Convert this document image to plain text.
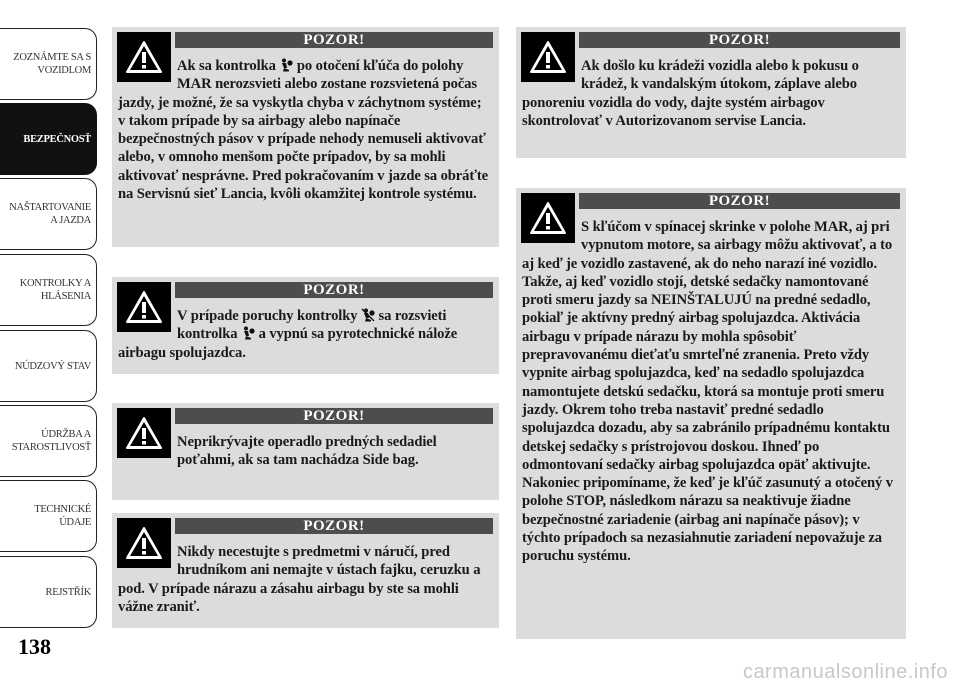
ZOZNÁMTE SA S
VOZIDLOM
BEZPEČNOSŤ
NAŠTARTOVANIE
A JAZDA
KONTROLKY A
HLÁSENIA
NÚDZOVÝ STAV
ÚDRŽBA A
STAROSTLIVOSŤ
TECHNICKÉ
ÚDAJE
REJSTŘÍK
138
POZOR!

Ak sa kontrolka  po otočení kľúča do polohy MAR nerozsvieti alebo zostane rozsvietená počas jazdy, je možné, že sa vyskytla chyba v záchytnom systéme; v takom prípade by sa airbagy alebo napínače bezpečnostných pásov v prípade nehody nemuseli aktivovať alebo, v omnoho menšom počte prípadov, by sa mohli aktivovať nesprávne. Pred pokračovaním v jazde sa obráťte na Servisnú sieť Lancia, kvôli okamžitej kontrole systému.

POZOR!

V prípade poruchy kontrolky  sa rozsvieti kontrolka  a vypnú sa pyrotechnické nálože airbagu spolujazdca.

POZOR!

Neprikrývajte operadlo predných sedadiel poťahmi, ak sa tam nachádza Side bag.

POZOR!

Nikdy necestujte s predmetmi v náručí, pred hrudníkom ani nemajte v ústach fajku, ceruzku a pod. V prípade nárazu a zásahu airbagu by ste sa mohli vážne zraniť.

POZOR!

Ak došlo ku krádeži vozidla alebo k pokusu o krádež, k vandalským útokom, záplave alebo ponoreniu vozidla do vody, dajte systém airbagov skontrolovať v Autorizovanom servise Lancia.

POZOR!

S kľúčom v spínacej skrinke v polohe MAR, aj pri vypnutom motore, sa airbagy môžu aktivovať, a to aj keď je vozidlo zastavené, ak do neho narazí iné vozidlo. Takže, aj keď vozidlo stojí, detské sedačky namontované proti smeru jazdy sa NEINŠTALUJÚ na predné sedadlo, pokiaľ je aktívny predný airbag spolujazdca. Aktivácia airbagu v prípade nárazu by mohla spôsobiť prepravovanému dieťaťu smrteľné zranenia. Preto vždy vypnite airbag spolujazdca, keď na sedadlo spolujazdca namontujete detskú sedačku, ktorá sa montuje proti smeru jazdy. Okrem toho treba nastaviť predné sedadlo spolujazdca dozadu, aby sa zabránilo prípadnému kontaktu detskej sedačky s prístrojovou doskou. Ihneď po odmontovaní sedačky airbag spolujazdca opäť aktivujte. Nakoniec pripomíname, že keď je kľúč zasunutý a otočený v polohe STOP, následkom nárazu sa neaktivuje žiadne bezpečnostné zariadenie (airbag ani napínače pásov); v týchto prípadoch sa nezasiahnutie zariadení nepovažuje za poruchu systému.

carmanualsonline.info
